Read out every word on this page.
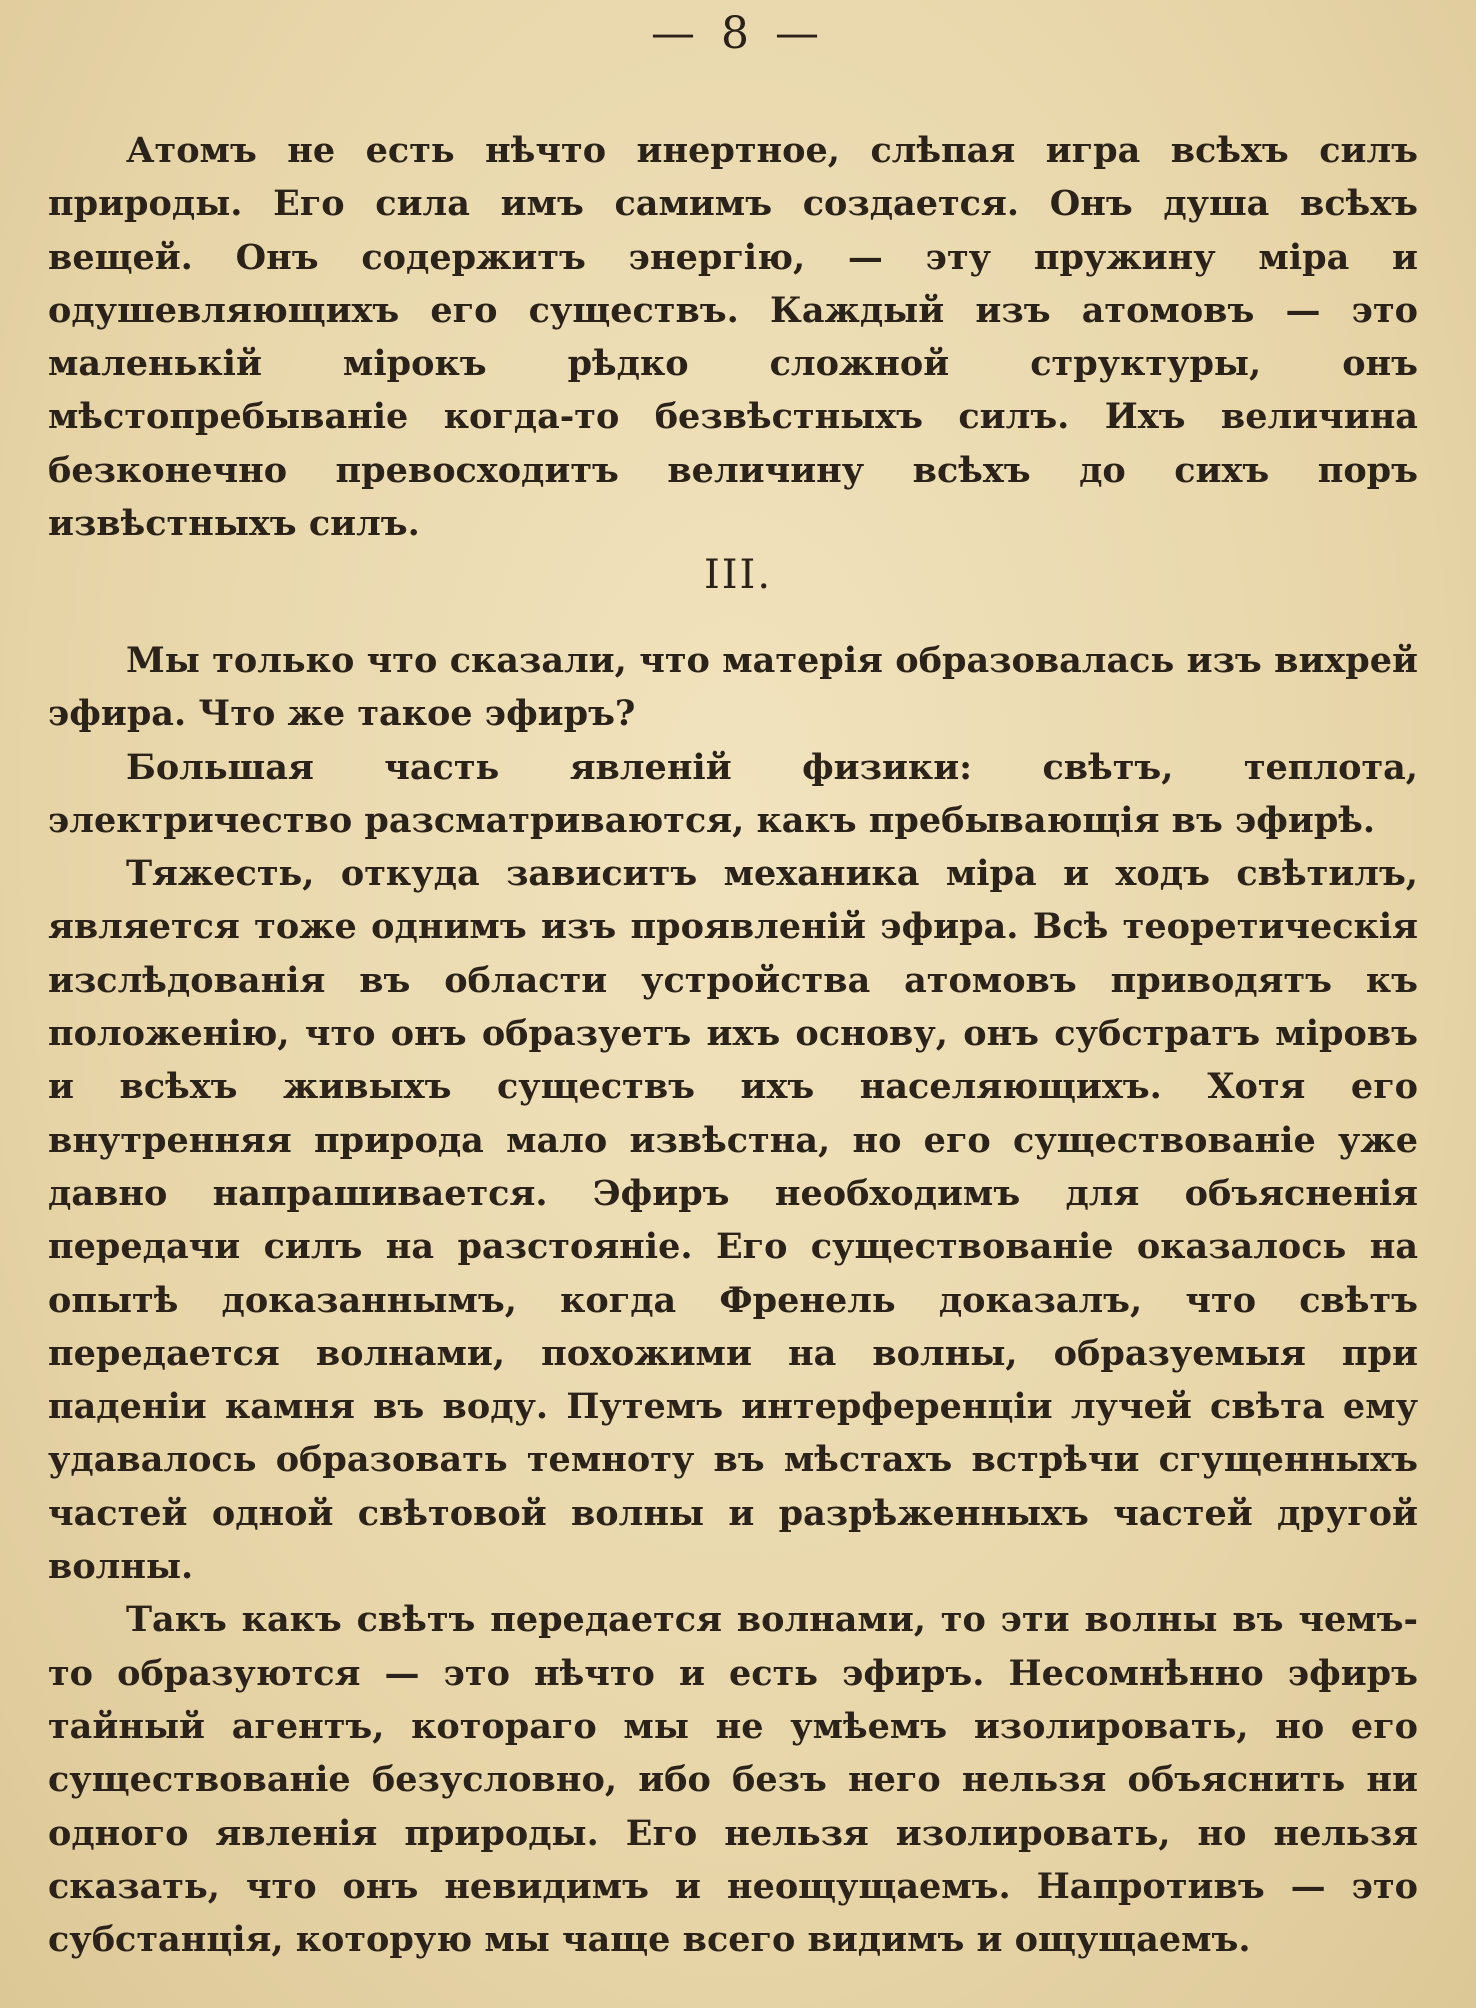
— 8 —

Атомъ не есть нѣчто инертное, слѣпая игра всѣхъ силъ природы. Его сила имъ самимъ создается. Онъ душа всѣхъ вещей. Онъ содержитъ энергію, — эту пружину міра и одушевляющихъ его существъ. Каждый изъ атомовъ — это маленькій мірокъ рѣдко сложной структуры, онъ мѣстопребываніе когда-то безвѣстныхъ силъ. Ихъ величина безконечно превосходитъ величину всѣхъ до сихъ поръ извѣстныхъ силъ.

III.

Мы только что сказали, что матерія образовалась изъ вихрей эфира. Что же такое эфиръ?

Большая часть явленій физики: свѣтъ, теплота, электричество разсматриваются, какъ пребывающія въ эфирѣ.

Тяжесть, откуда зависитъ механика міра и ходъ свѣтилъ, является тоже однимъ изъ проявленій эфира. Всѣ теоретическія изслѣдованія въ области устройства атомовъ приводятъ къ положенію, что онъ образуетъ ихъ основу, онъ субстратъ міровъ и всѣхъ живыхъ существъ ихъ населяющихъ. Хотя его внутренняя природа мало извѣстна, но его существованіе уже давно напрашивается. Эфиръ необходимъ для объясненія передачи силъ на разстояніе. Его существованіе оказалось на опытѣ доказаннымъ, когда Френель доказалъ, что свѣтъ передается волнами, похожими на волны, образуемыя при паденіи камня въ воду. Путемъ интерференціи лучей свѣта ему удавалось образовать темноту въ мѣстахъ встрѣчи сгущенныхъ частей одной свѣтовой волны и разрѣженныхъ частей другой волны.

Такъ какъ свѣтъ передается волнами, то эти волны въ чемъ-то образуются — это нѣчто и есть эфиръ. Несомнѣнно эфиръ тайный агентъ, котораго мы не умѣемъ изолировать, но его существованіе безусловно, ибо безъ него нельзя объяснить ни одного явленія природы. Его нельзя изолировать, но нельзя сказать, что онъ невидимъ и неощущаемъ. Напротивъ — это субстанція, которую мы чаще всего видимъ и ощущаемъ.
